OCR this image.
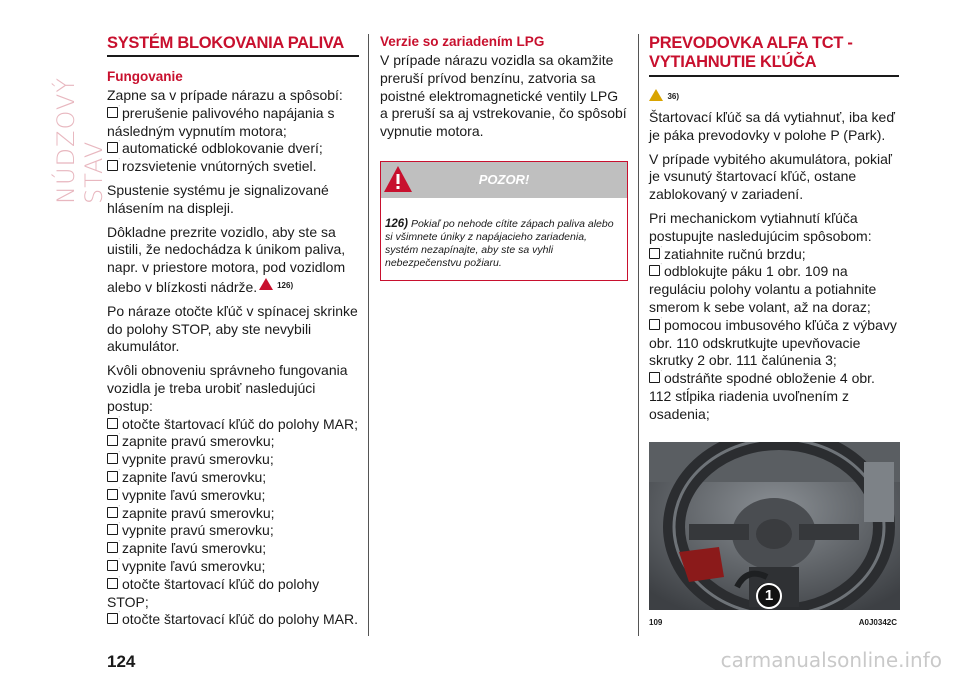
NÚDZOVÝ STAV
SYSTÉM BLOKOVANIA PALIVA
Fungovanie

Zapne sa v prípade nárazu a spôsobí:

prerušenie palivového napájania s následným vypnutím motora;
automatické odblokovanie dverí;
rozsvietenie vnútorných svetiel.

Spustenie systému je signalizované hlásením na displeji.

Dôkladne prezrite vozidlo, aby ste sa uistili, že nedochádza k únikom paliva, napr. v priestore motora, pod vozidlom alebo v blízkosti nádrže. $^{126)}$

Po náraze otočte kľúč v spínacej skrinke do polohy STOP, aby ste nevybili akumulátor.

Kvôli obnoveniu správneho fungovania vozidla je treba urobiť nasledujúci postup:

otočte štartovací kľúč do polohy MAR;
zapnite pravú smerovku;
vypnite pravú smerovku;
zapnite ľavú smerovku;
vypnite ľavú smerovku;
zapnite pravú smerovku;
vypnite pravú smerovku;
zapnite ľavú smerovku;
vypnite ľavú smerovku;
otočte štartovací kľúč do polohy STOP;
otočte štartovací kľúč do polohy MAR.
Verzie so zariadením LPG

V prípade nárazu vozidla sa okamžite preruší prívod benzínu, zatvoria sa poistné elektromagnetické ventily LPG a preruší sa aj vstrekovanie, čo spôsobí vypnutie motora.

POZOR!
126) Pokiaľ po nehode cítite zápach paliva alebo si všimnete úniky z napájacieho zariadenia, systém nezapínajte, aby ste sa vyhli nebezpečenstvu požiaru.
PREVODOVKA ALFA TCT -
VYTIAHNUTIE KĽÚČA
$^{36)}$

Štartovací kľúč sa dá vytiahnuť, iba keď je páka prevodovky v polohe P (Park).

V prípade vybitého akumulátora, pokiaľ je vsunutý štartovací kľúč, ostane zablokovaný v zariadení.

Pri mechanickom vytiahnutí kľúča postupujte nasledujúcim spôsobom:

zatiahnite ručnú brzdu;
odblokujte páku 1 obr. 109 na reguláciu polohy volantu a potiahnite smerom k sebe volant, až na doraz;
pomocou imbusového kľúča z výbavy obr. 110 odskrutkujte upevňovacie skrutky 2 obr. 111 čalúnenia 3;
odstráňte spodné obloženie 4 obr. 112 stĺpika riadenia uvoľnením z osadenia;
1
109	A0J0342C
124	carmanualsonline.info
